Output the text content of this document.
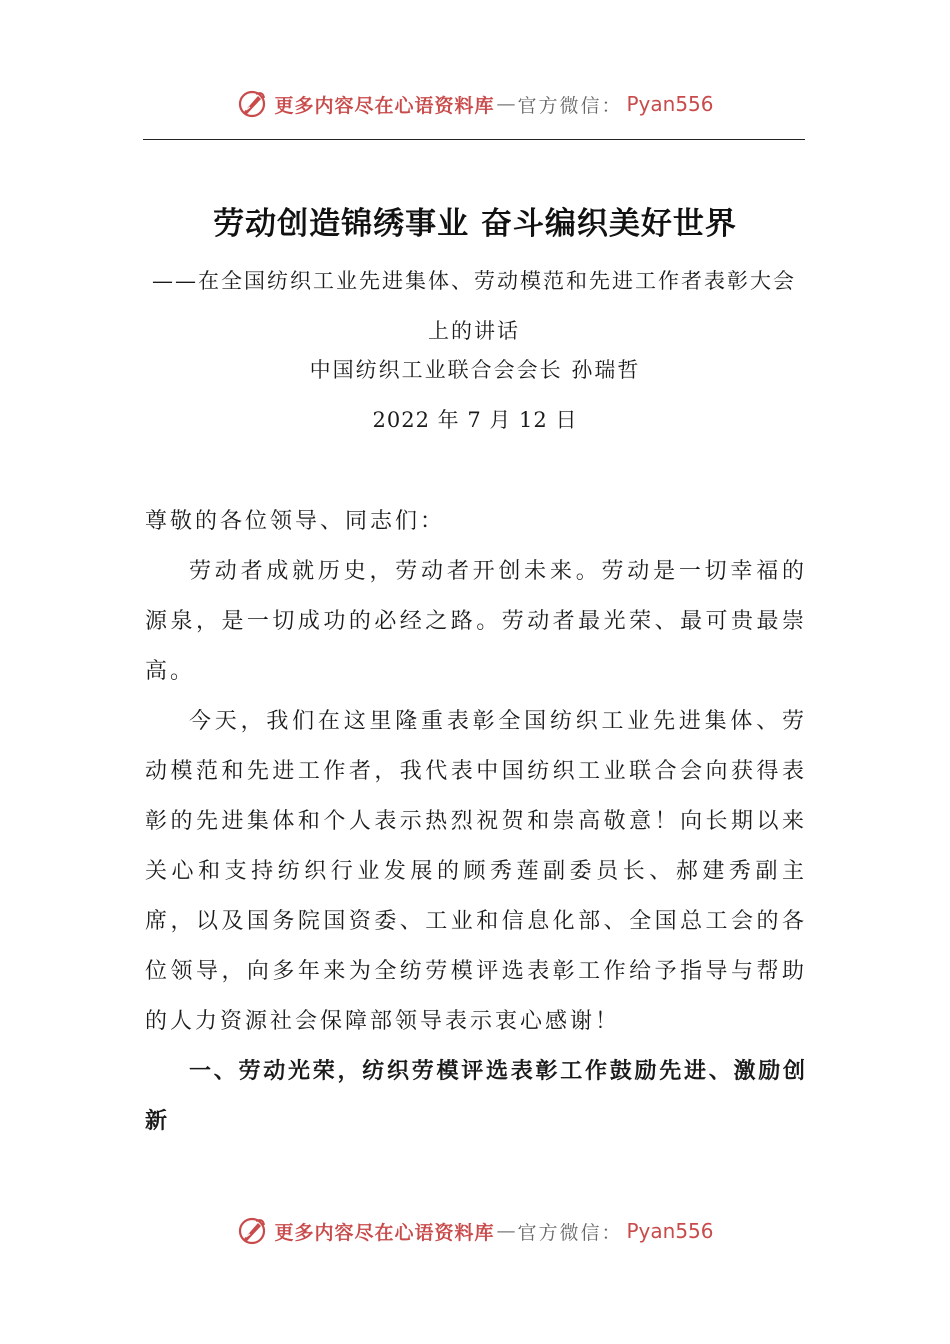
更多内容尽在心语资料库 — 官方微信： Pyan556
劳动创造锦绣事业 奋斗编织美好世界
——在全国纺织工业先进集体、劳动模范和先进工作者表彰大会上的讲话
中国纺织工业联合会会长 孙瑞哲
2022 年 7 月 12 日

尊敬的各位领导、同志们：

劳动者成就历史，劳动者开创未来。劳动是一切幸福的源泉，是一切成功的必经之路。劳动者最光荣、最可贵最崇高。

今天，我们在这里隆重表彰全国纺织工业先进集体、劳动模范和先进工作者，我代表中国纺织工业联合会向获得表彰的先进集体和个人表示热烈祝贺和崇高敬意！向长期以来关心和支持纺织行业发展的顾秀莲副委员长、郝建秀副主席，以及国务院国资委、工业和信息化部、全国总工会的各位领导，向多年来为全纺劳模评选表彰工作给予指导与帮助的人力资源社会保障部领导表示衷心感谢！

一、劳动光荣，纺织劳模评选表彰工作鼓励先进、激励创新

更多内容尽在心语资料库 — 官方微信： Pyan556
